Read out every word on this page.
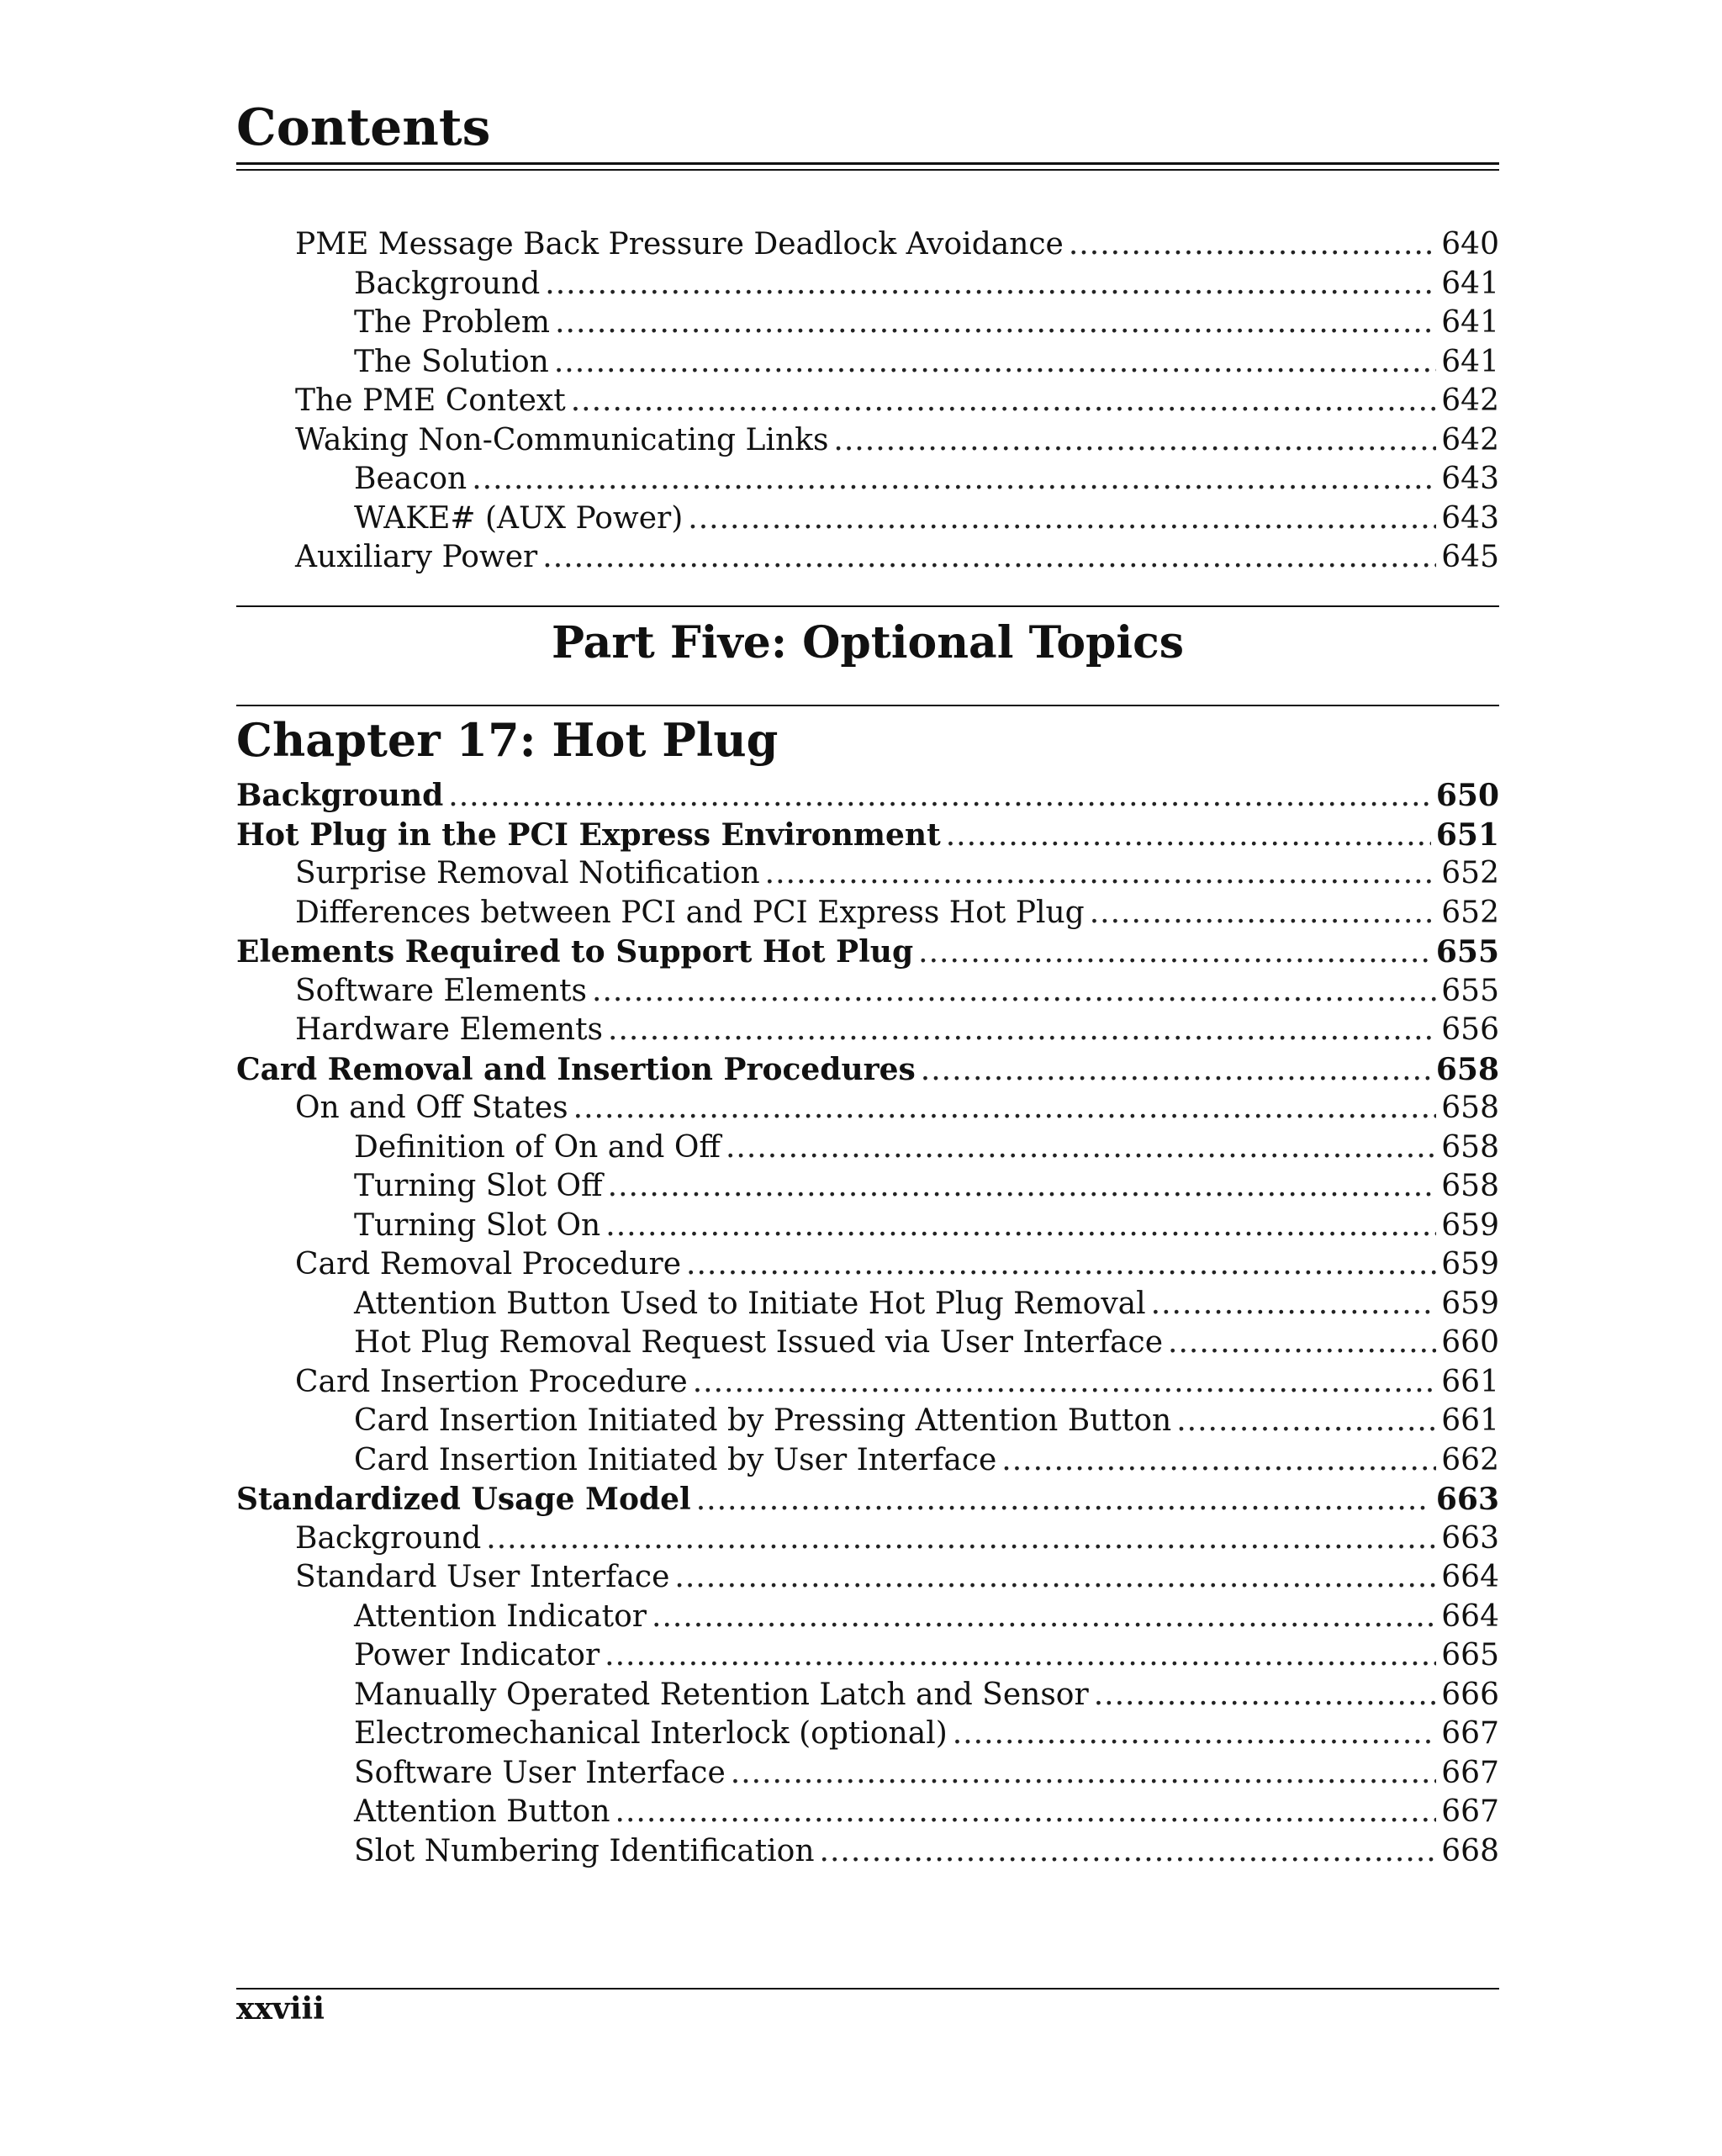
Contents
PME Message Back Pressure Deadlock Avoidance .....	640
Background .....	641
The Problem .....	641
The Solution .....	641
The PME Context .....	642
Waking Non-Communicating Links .....	642
Beacon .....	643
WAKE# (AUX Power) .....	643
Auxiliary Power .....	645
Part Five: Optional Topics
Chapter 17: Hot Plug
Background .....	650
Hot Plug in the PCI Express Environment .....	651
Surprise Removal Notification .....	652
Differences between PCI and PCI Express Hot Plug .....	652
Elements Required to Support Hot Plug .....	655
Software Elements .....	655
Hardware Elements .....	656
Card Removal and Insertion Procedures .....	658
On and Off States .....	658
Definition of On and Off .....	658
Turning Slot Off .....	658
Turning Slot On .....	659
Card Removal Procedure .....	659
Attention Button Used to Initiate Hot Plug Removal .....	659
Hot Plug Removal Request Issued via User Interface .....	660
Card Insertion Procedure .....	661
Card Insertion Initiated by Pressing Attention Button .....	661
Card Insertion Initiated by User Interface .....	662
Standardized Usage Model .....	663
Background .....	663
Standard User Interface .....	664
Attention Indicator .....	664
Power Indicator .....	665
Manually Operated Retention Latch and Sensor .....	666
Electromechanical Interlock (optional) .....	667
Software User Interface .....	667
Attention Button .....	667
Slot Numbering Identification .....	668
xxviii
